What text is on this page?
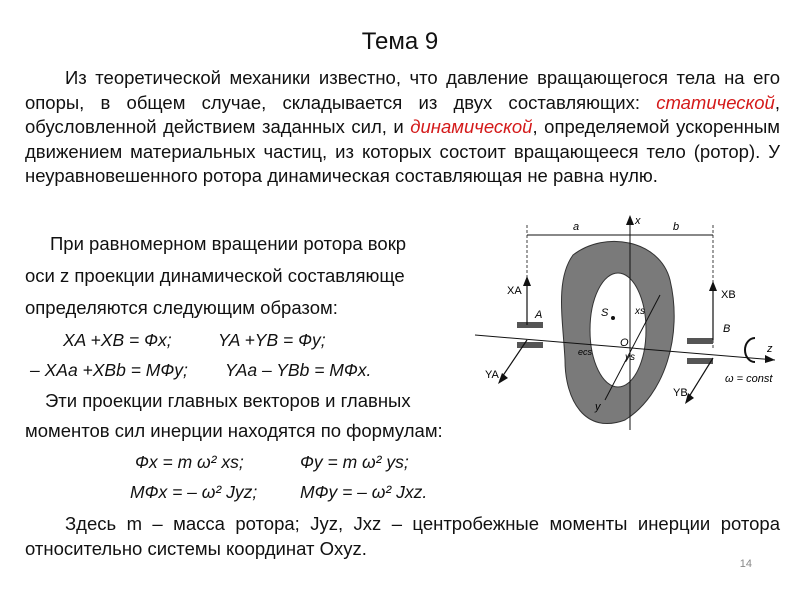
Тема 9

Из теоретической механики известно, что давление вращающегося тела на его опоры, в общем случае, складывается из двух составляющих: статической, обусловленной действием заданных сил, и динамической, определяемой ускоренным движением материальных частиц, из которых состоит вращающееся тело (ротор). У неуравновешенного ротора динамическая составляющая не равна нулю.

x
z
y
a	b
XA	XB
YA
YB
A
B
O
S	xs
ys
ecs
ω = const
При равномерном вращении ротора вокр
оси z проекции динамической составляюще
определяются следующим образом:
XA +XB = Фx;	YA +YB = Фy;
– XAa +XBb = MФy; YAa – YBb = MФx.
Эти проекции главных векторов и главных
моментов сил инерции находятся по формулам:
Фx = m ω² xs;	Фy = m ω² ys;
MФx = – ω² Jyz; MФy = – ω² Jxz.

Здесь m – масса ротора; Jyz, Jxz – центробежные моменты инерции ротора относительно системы координат Oxyz.

14
